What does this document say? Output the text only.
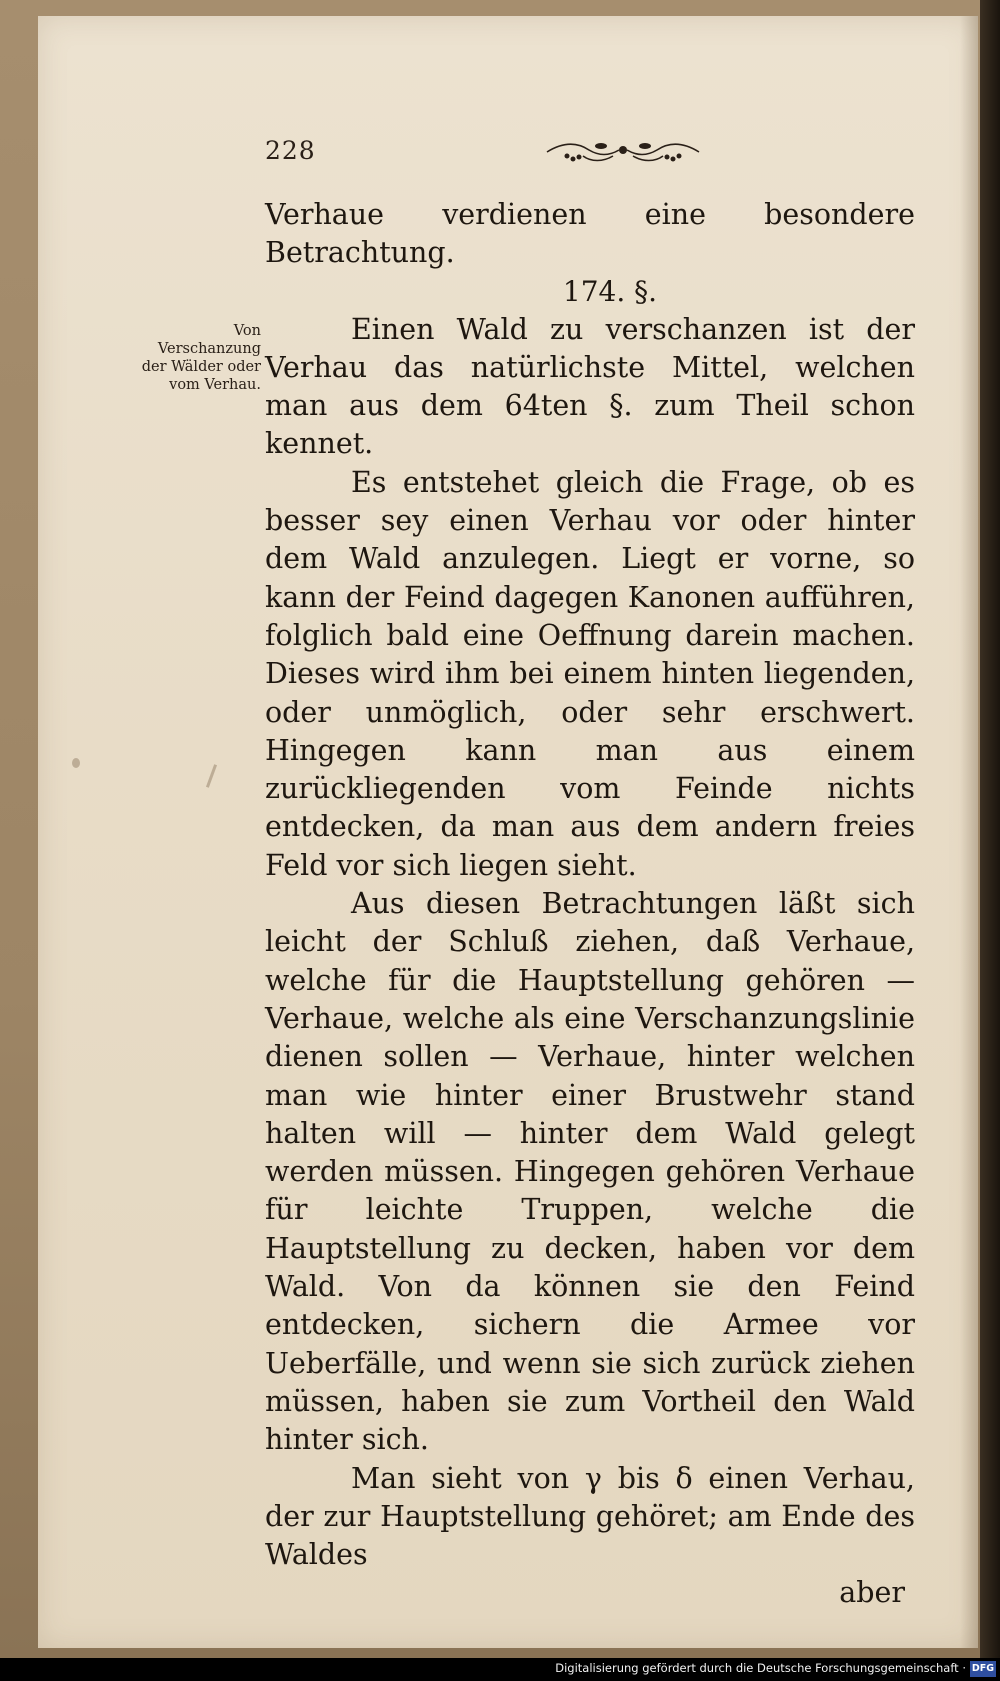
228
Von Verschanzung der Wälder oder vom Verhau.

Verhaue verdienen eine besondere Betrachtung.

174. §.

Einen Wald zu verschanzen ist der Verhau das natürlichste Mittel, welchen man aus dem 64ten §. zum Theil schon kennet.

Es entstehet gleich die Frage, ob es besser sey einen Verhau vor oder hinter dem Wald anzulegen. Liegt er vorne, so kann der Feind dagegen Kanonen aufführen, folglich bald eine Oeffnung darein machen. Dieses wird ihm bei einem hinten liegenden, oder unmöglich, oder sehr erschwert. Hingegen kann man aus einem zurückliegenden vom Feinde nichts entdecken, da man aus dem andern freies Feld vor sich liegen sieht.

Aus diesen Betrachtungen läßt sich leicht der Schluß ziehen, daß Verhaue, welche für die Hauptstellung gehören — Verhaue, welche als eine Verschanzungslinie dienen sollen — Verhaue, hinter welchen man wie hinter einer Brustwehr stand halten will — hinter dem Wald gelegt werden müssen. Hingegen gehören Verhaue für leichte Truppen, welche die Hauptstellung zu decken, haben vor dem Wald. Von da können sie den Feind entdecken, sichern die Armee vor Ueberfälle, und wenn sie sich zurück ziehen müssen, haben sie zum Vortheil den Wald hinter sich.

Man sieht von γ bis δ einen Verhau, der zur Hauptstellung gehöret; am Ende des Waldes

aber

Digitalisierung gefördert durch die Deutsche Forschungsgemeinschaft · DFG
